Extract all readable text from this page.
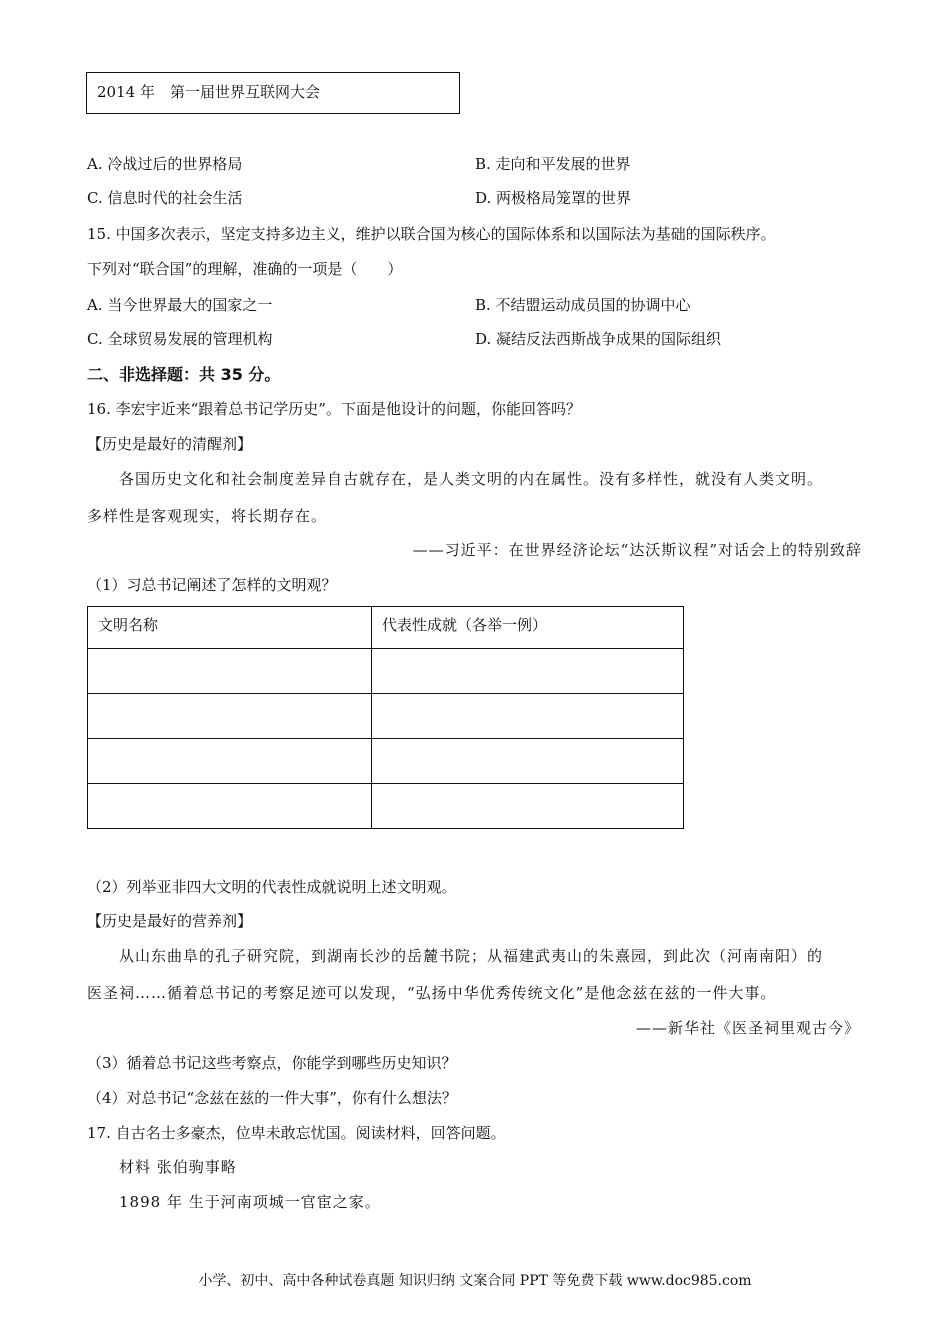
2014 年　第一届世界互联网大会
A. 冷战过后的世界格局	B. 走向和平发展的世界
C. 信息时代的社会生活	D. 两极格局笼罩的世界
15. 中国多次表示，坚定支持多边主义，维护以联合国为核心的国际体系和以国际法为基础的国际秩序。
下列对“联合国”的理解，准确的一项是（　　）
A. 当今世界最大的国家之一	B. 不结盟运动成员国的协调中心
C. 全球贸易发展的管理机构	D. 凝结反法西斯战争成果的国际组织
二、非选择题：共 35 分。
16. 李宏宇近来“跟着总书记学历史”。下面是他设计的问题，你能回答吗？
【历史是最好的清醒剂】
各国历史文化和社会制度差异自古就存在，是人类文明的内在属性。没有多样性，就没有人类文明。
多样性是客观现实，将长期存在。
——习近平：在世界经济论坛“达沃斯议程”对话会上的特别致辞
（1）习总书记阐述了怎样的文明观？
文明名称	代表性成就（各举一例）

（2）列举亚非四大文明的代表性成就说明上述文明观。
【历史是最好的营养剂】
从山东曲阜的孔子研究院，到湖南长沙的岳麓书院；从福建武夷山的朱熹园，到此次（河南南阳）的
医圣祠……循着总书记的考察足迹可以发现，“弘扬中华优秀传统文化”是他念兹在兹的一件大事。
——新华社《医圣祠里观古今》
（3）循着总书记这些考察点，你能学到哪些历史知识？
（4）对总书记“念兹在兹的一件大事”，你有什么想法？
17. 自古名士多豪杰，位卑未敢忘忧国。阅读材料，回答问题。
材料 张伯驹事略
1898 年 生于河南项城一官宦之家。
小学、初中、高中各种试卷真题 知识归纳 文案合同 PPT 等免费下载 www.doc985.com
